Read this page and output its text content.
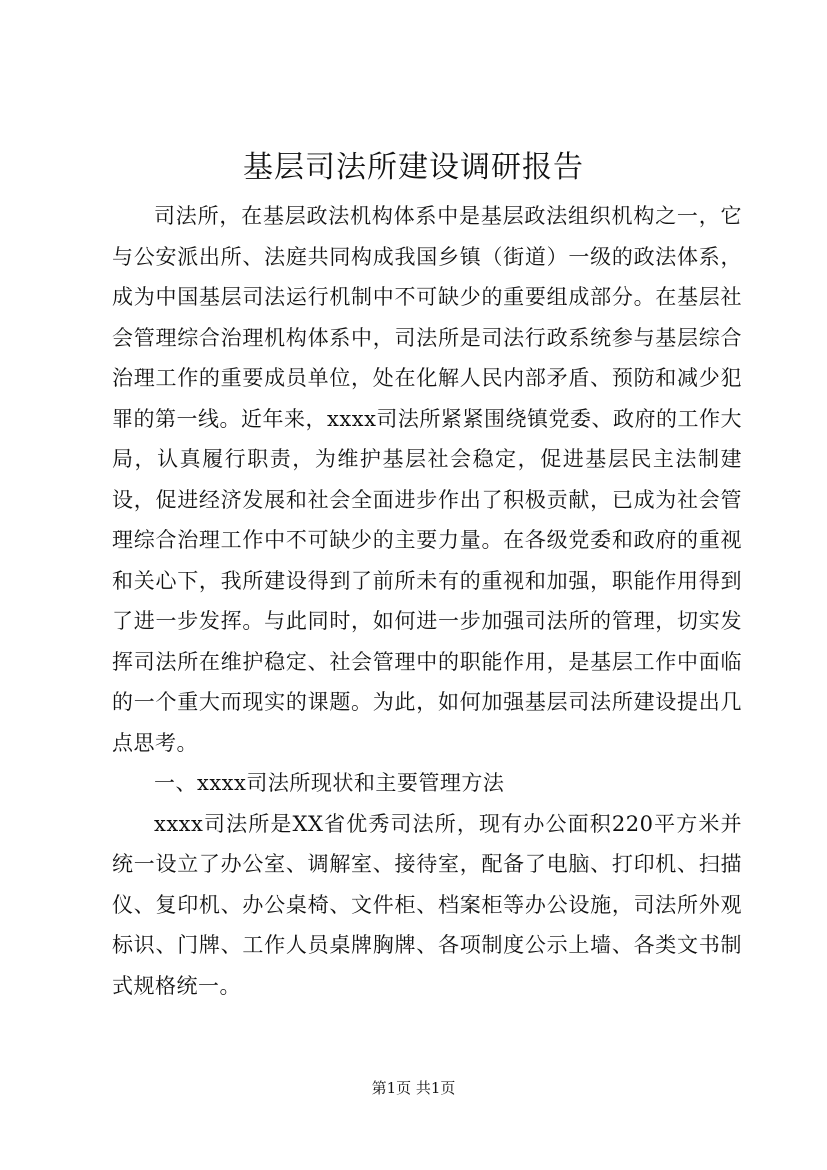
基层司法所建设调研报告

司法所，在基层政法机构体系中是基层政法组织机构之一，它与公安派出所、法庭共同构成我国乡镇（街道）一级的政法体系，成为中国基层司法运行机制中不可缺少的重要组成部分。在基层社会管理综合治理机构体系中，司法所是司法行政系统参与基层综合治理工作的重要成员单位，处在化解人民内部矛盾、预防和减少犯罪的第一线。近年来，xxxx司法所紧紧围绕镇党委、政府的工作大局，认真履行职责，为维护基层社会稳定，促进基层民主法制建设，促进经济发展和社会全面进步作出了积极贡献，已成为社会管理综合治理工作中不可缺少的主要力量。在各级党委和政府的重视和关心下，我所建设得到了前所未有的重视和加强，职能作用得到了进一步发挥。与此同时，如何进一步加强司法所的管理，切实发挥司法所在维护稳定、社会管理中的职能作用，是基层工作中面临的一个重大而现实的课题。为此，如何加强基层司法所建设提出几点思考。

一、xxxx司法所现状和主要管理方法

xxxx司法所是XX省优秀司法所，现有办公面积220平方米并统一设立了办公室、调解室、接待室，配备了电脑、打印机、扫描仪、复印机、办公桌椅、文件柜、档案柜等办公设施，司法所外观标识、门牌、工作人员桌牌胸牌、各项制度公示上墙、各类文书制式规格统一。

第1页 共1页
